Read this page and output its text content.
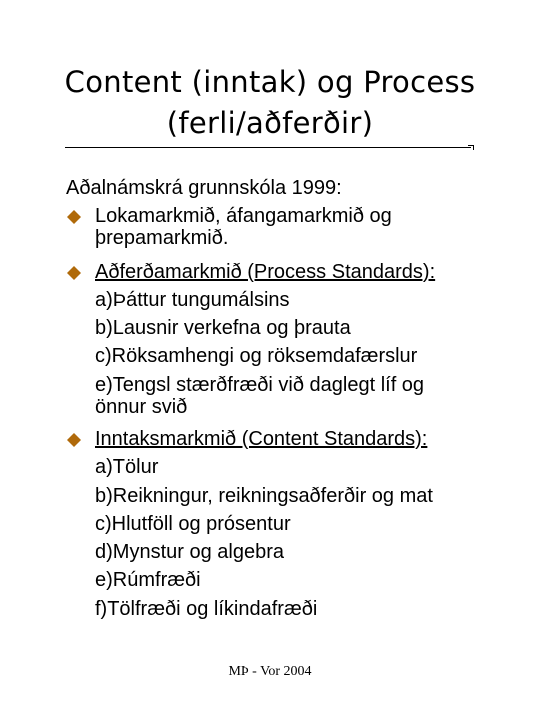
Content (inntak) og Process
(ferli/aðferðir)
Aðalnámskrá grunnskóla 1999:
Lokamarkmið, áfangamarkmið og
þrepamarkmið.
Aðferðamarkmið (Process Standards):
a)Þáttur tungumálsins
b)Lausnir verkefna og þrauta
c)Röksamhengi og röksemdafærslur
e)Tengsl stærðfræði við daglegt líf og
önnur svið
Inntaksmarkmið (Content Standards):
a)Tölur
b)Reikningur, reikningsaðferðir og mat
c)Hlutföll og prósentur
d)Mynstur og algebra
e)Rúmfræði
f)Tölfræði og líkindafræði
MÞ - Vor 2004
